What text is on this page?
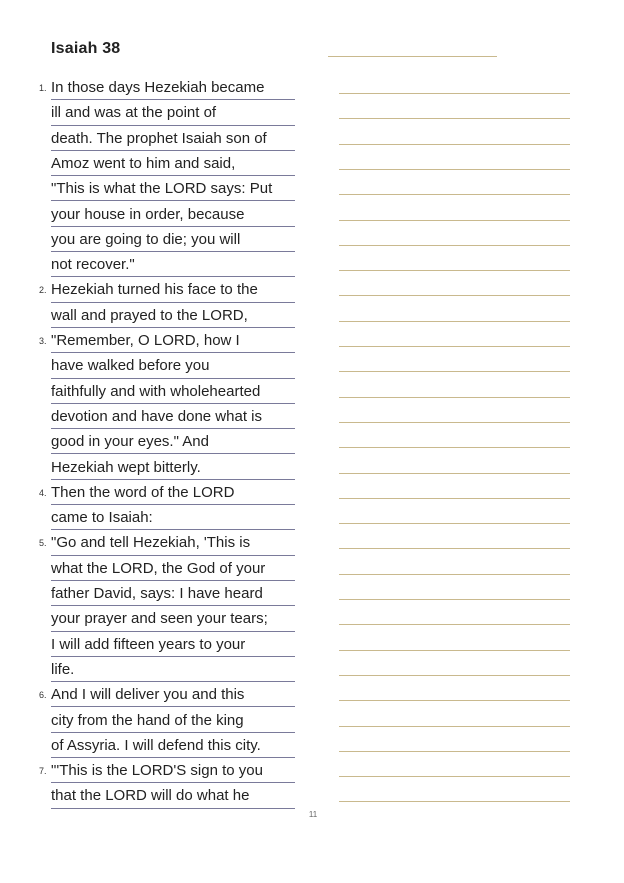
Isaiah 38
1. In those days Hezekiah became
ill and was at the point of
death. The prophet Isaiah son of
Amoz went to him and said,
"This is what the LORD says: Put
your house in order, because
you are going to die; you will
not recover."
2. Hezekiah turned his face to the
wall and prayed to the LORD,
3. "Remember, O LORD, how I
have walked before you
faithfully and with wholehearted
devotion and have done what is
good in your eyes." And
Hezekiah wept bitterly.
4. Then the word of the LORD
came to Isaiah:
5. "Go and tell Hezekiah, 'This is
what the LORD, the God of your
father David, says: I have heard
your prayer and seen your tears;
I will add fifteen years to your
life.
6. And I will deliver you and this
city from the hand of the king
of Assyria. I will defend this city.
7. "'This is the LORD'S sign to you
that the LORD will do what he
11
